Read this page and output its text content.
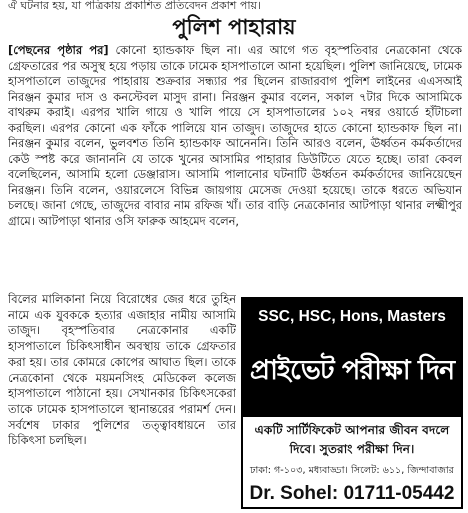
ঐ ঘটনার হয়, যা পত্রিকায় প্রকাশিত প্রতিবেদন প্রকাশ পায়।
পুলিশ পাহারায়
[পেছনের পৃষ্ঠার পর] কোনো হ্যান্ডকাফ ছিল না। এর আগে গত বৃহস্পতিবার নেত্রকোনা থেকে গ্রেফতারের পর অসুস্থ হয়ে পড়ায় তাকে ঢামেক হাসপাতালে আনা হয়েছিল। পুলিশ জানিয়েছে, ঢামেক হাসপাতালে তাজুদের পাহারায় শুক্রবার সন্ধ্যার পর ছিলেন রাজারবাগ পুলিশ লাইনের এএসআই নিরঞ্জন কুমার দাস ও কনস্টেবল মাসুদ রানা। নিরঞ্জন কুমার বলেন, সকাল ৭টার দিকে আসামিকে বাথরুম করাই। এরপর খালি গায়ে ও খালি পায়ে সে হাসপাতালের ১০২ নম্বর ওয়ার্ডে হাঁটাচলা করছিল। এরপর কোনো এক ফাঁকে পালিয়ে যান তাজুদ। তাজুদের হাতে কোনো হ্যান্ডকাফ ছিল না। নিরঞ্জন কুমার বলেন, ভুলবশত তিনি হ্যান্ডকাফ আনেননি। তিনি আরও বলেন, ঊর্ধ্বতন কর্মকর্তাদের কেউ স্পষ্ট করে জানাননি যে তাকে খুনের আসামির পাহারার ডিউটিতে যেতে হচ্ছে। তারা কেবল বলেছিলেন, আসামি হলো ডেঞ্জারাস। আসামি পালানোর ঘটনাটি ঊর্ধ্বতন কর্মকর্তাদের জানিয়েছেন নিরঞ্জন। তিনি বলেন, ওয়ারলেসে বিভিন্ন জায়গায় মেসেজ দেওয়া হয়েছে। তাকে ধরতে অভিযান চলছে। জানা গেছে, তাজুদের বাবার নাম রফিজ খাঁ। তার বাড়ি নেত্রকোনার আটপাড়া থানার লক্ষ্মীপুর গ্রামে। আটপাড়া থানার ওসি ফারুক আহমেদ বলেন,
বিলের মালিকানা নিয়ে বিরোধের জের ধরে তুহিন নামে এক যুবককে হত্যার এজাহার নামীয় আসামি তাজুদ। বৃহস্পতিবার নেত্রকোনার একটি হাসপাতালে চিকিৎসাধীন অবস্থায় তাকে গ্রেফতার করা হয়। তার কোমরে কোপের আঘাত ছিল। তাকে নেত্রকোনা থেকে ময়মনসিংহ মেডিকেল কলেজ হাসপাতালে পাঠানো হয়। সেখানকার চিকিৎসকেরা তাকে ঢামেক হাসপাতালে স্থানান্তরের পরামর্শ দেন। সর্বশেষ ঢাকার পুলিশের তত্ত্বাবধায়নে তার চিকিৎসা চলছিল।
SSC, HSC, Hons, Masters
প্রাইভেট পরীক্ষা দিন
একটি সার্টিফিকেট আপনার জীবন বদলে দিবে। সুতরাং পরীক্ষা দিন।
ঢাকা: গ-১০৩, মধ্যবাড্ডা। সিলেট: ৬১১, জিন্দাবাজার
Dr. Sohel: 01711-05442
